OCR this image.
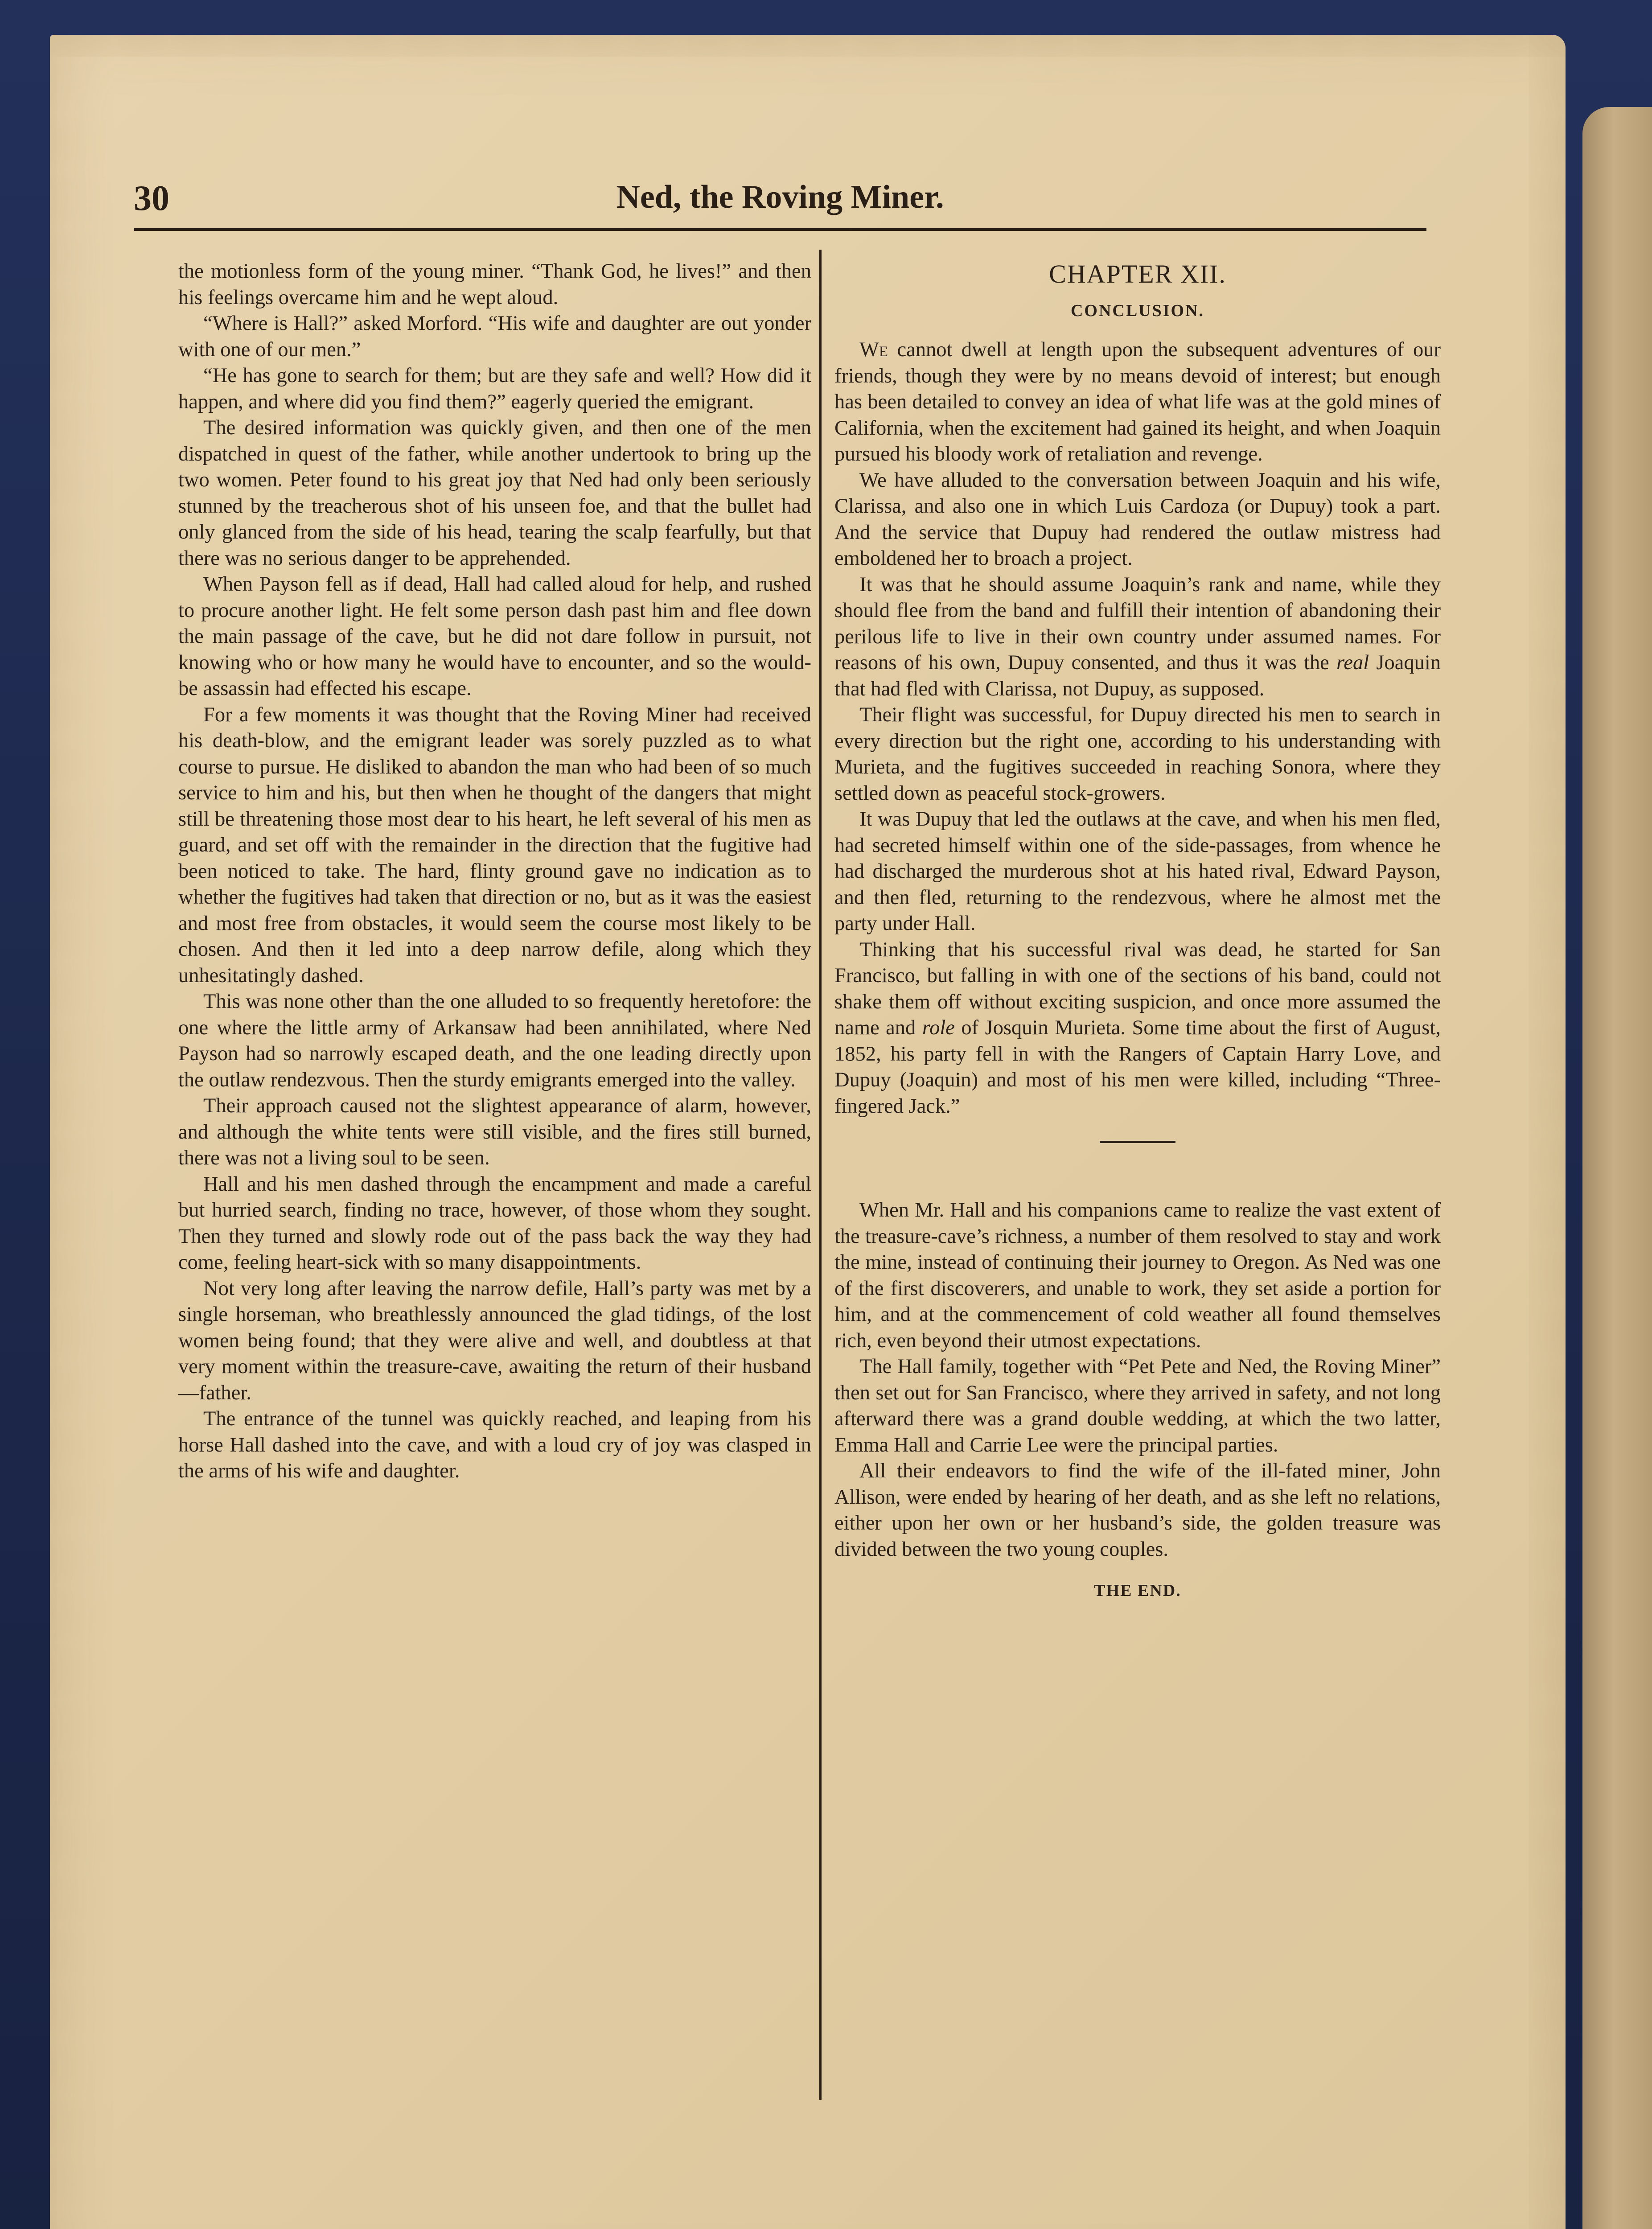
30	Ned, the Roving Miner.

the motionless form of the young miner. “Thank God, he lives!” and then his feelings overcame him and he wept aloud.

“Where is Hall?” asked Morford. “His wife and daughter are out yonder with one of our men.”

“He has gone to search for them; but are they safe and well? How did it happen, and where did you find them?” eagerly queried the emigrant.

The desired information was quickly given, and then one of the men dispatched in quest of the father, while another undertook to bring up the two women. Peter found to his great joy that Ned had only been seriously stunned by the treacherous shot of his unseen foe, and that the bullet had only glanced from the side of his head, tearing the scalp fearfully, but that there was no serious danger to be apprehended.

When Payson fell as if dead, Hall had called aloud for help, and rushed to procure another light. He felt some person dash past him and flee down the main passage of the cave, but he did not dare follow in pursuit, not knowing who or how many he would have to encounter, and so the would-be assassin had effected his escape.

For a few moments it was thought that the Roving Miner had received his death-blow, and the emigrant leader was sorely puzzled as to what course to pursue. He disliked to abandon the man who had been of so much service to him and his, but then when he thought of the dangers that might still be threatening those most dear to his heart, he left several of his men as guard, and set off with the remainder in the direction that the fugitive had been noticed to take. The hard, flinty ground gave no indication as to whether the fugitives had taken that direction or no, but as it was the easiest and most free from obstacles, it would seem the course most likely to be chosen. And then it led into a deep narrow defile, along which they unhesitatingly dashed.

This was none other than the one alluded to so frequently heretofore: the one where the little army of Arkansaw had been annihilated, where Ned Payson had so narrowly escaped death, and the one leading directly upon the outlaw rendezvous. Then the sturdy emigrants emerged into the valley.

Their approach caused not the slightest appearance of alarm, however, and although the white tents were still visible, and the fires still burned, there was not a living soul to be seen.

Hall and his men dashed through the encampment and made a careful but hurried search, finding no trace, however, of those whom they sought. Then they turned and slowly rode out of the pass back the way they had come, feeling heart-sick with so many disappointments.

Not very long after leaving the narrow defile, Hall’s party was met by a single horseman, who breathlessly announced the glad tidings, of the lost women being found; that they were alive and well, and doubtless at that very moment within the treasure-cave, awaiting the return of their husband—father.

The entrance of the tunnel was quickly reached, and leaping from his horse Hall dashed into the cave, and with a loud cry of joy was clasped in the arms of his wife and daughter.

CHAPTER XII.
CONCLUSION.

We cannot dwell at length upon the subsequent adventures of our friends, though they were by no means devoid of interest; but enough has been detailed to convey an idea of what life was at the gold mines of California, when the excitement had gained its height, and when Joaquin pursued his bloody work of retaliation and revenge.

We have alluded to the conversation between Joaquin and his wife, Clarissa, and also one in which Luis Cardoza (or Dupuy) took a part. And the service that Dupuy had rendered the outlaw mistress had emboldened her to broach a project.

It was that he should assume Joaquin’s rank and name, while they should flee from the band and fulfill their intention of abandoning their perilous life to live in their own country under assumed names. For reasons of his own, Dupuy consented, and thus it was the real Joaquin that had fled with Clarissa, not Dupuy, as supposed.

Their flight was successful, for Dupuy directed his men to search in every direction but the right one, according to his understanding with Murieta, and the fugitives succeeded in reaching Sonora, where they settled down as peaceful stock-growers.

It was Dupuy that led the outlaws at the cave, and when his men fled, had secreted himself within one of the side-passages, from whence he had discharged the murderous shot at his hated rival, Edward Payson, and then fled, returning to the rendezvous, where he almost met the party under Hall.

Thinking that his successful rival was dead, he started for San Francisco, but falling in with one of the sections of his band, could not shake them off without exciting suspicion, and once more assumed the name and role of Josquin Murieta. Some time about the first of August, 1852, his party fell in with the Rangers of Captain Harry Love, and Dupuy (Joaquin) and most of his men were killed, including “Three-fingered Jack.”

When Mr. Hall and his companions came to realize the vast extent of the treasure-cave’s richness, a number of them resolved to stay and work the mine, instead of continuing their journey to Oregon. As Ned was one of the first discoverers, and unable to work, they set aside a portion for him, and at the commencement of cold weather all found themselves rich, even beyond their utmost expectations.

The Hall family, together with “Pet Pete and Ned, the Roving Miner” then set out for San Francisco, where they arrived in safety, and not long afterward there was a grand double wedding, at which the two latter, Emma Hall and Carrie Lee were the principal parties.

All their endeavors to find the wife of the ill-fated miner, John Allison, were ended by hearing of her death, and as she left no relations, either upon her own or her husband’s side, the golden treasure was divided between the two young couples.

THE END.
